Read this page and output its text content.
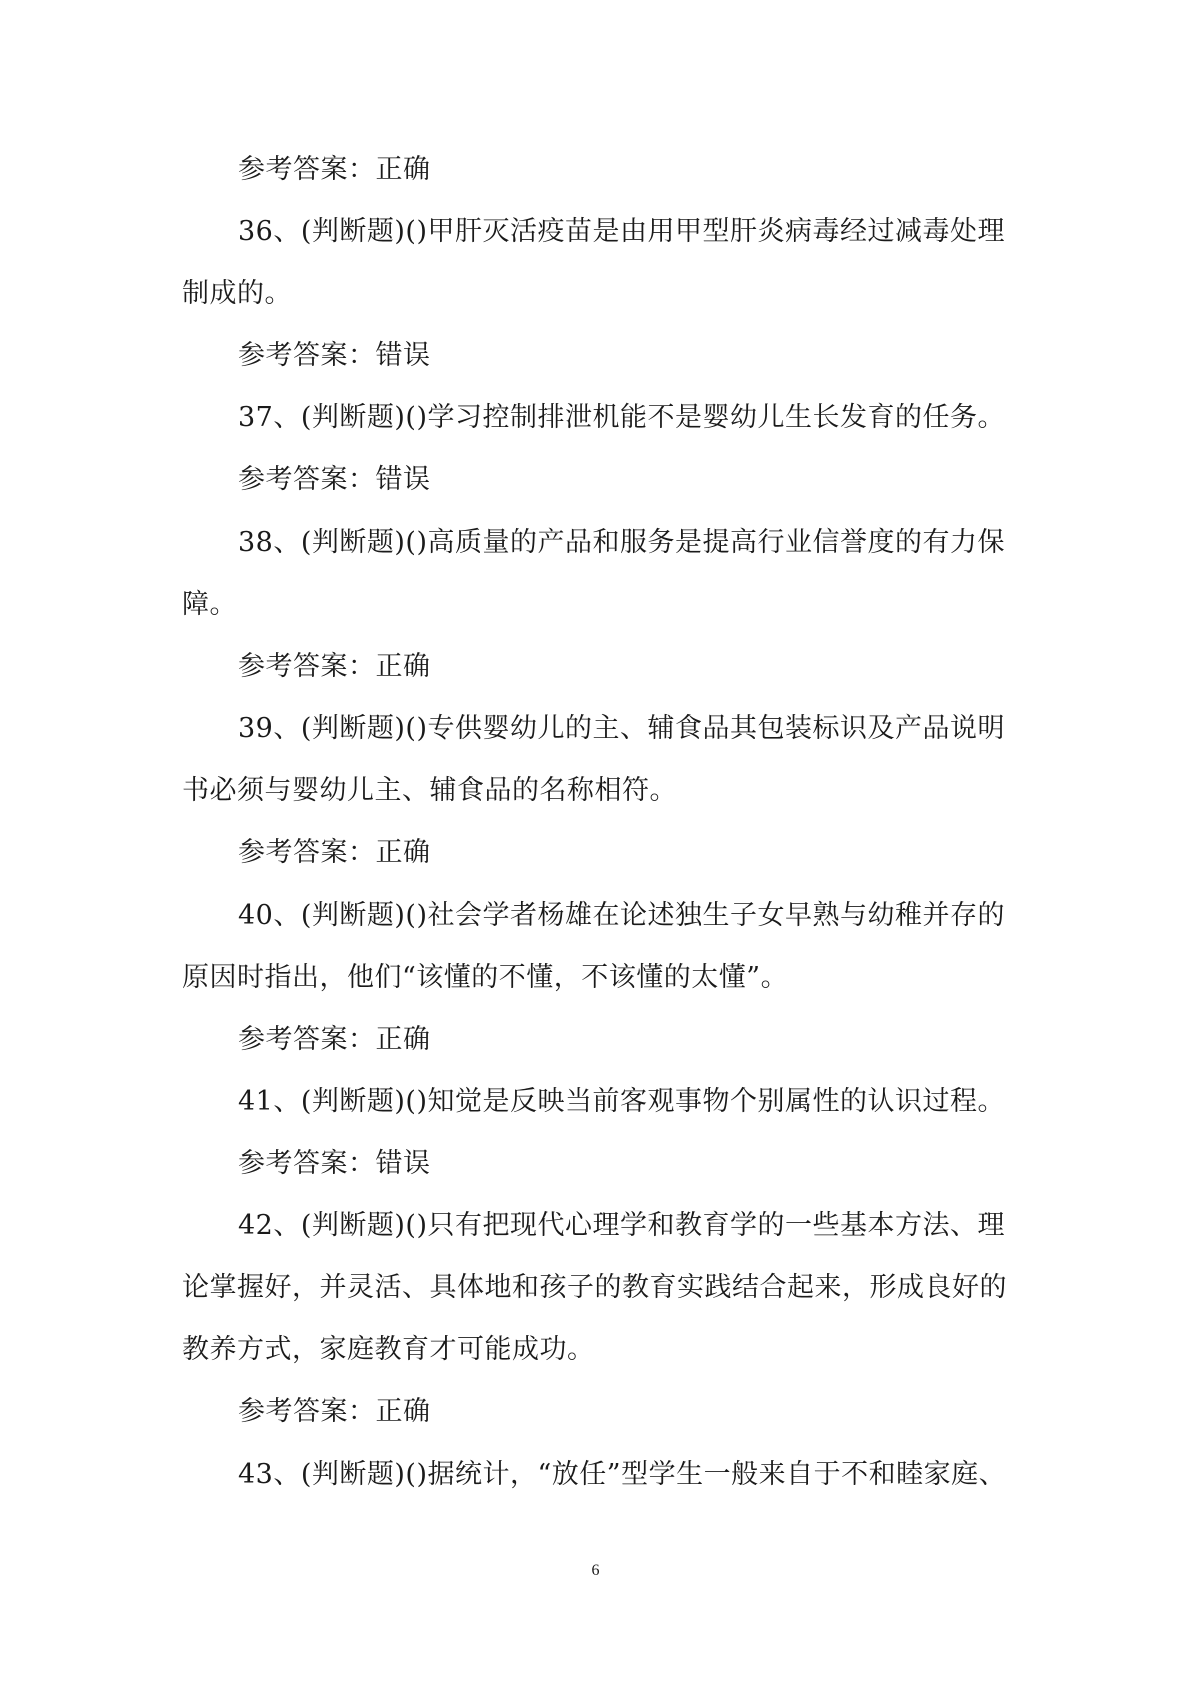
参考答案：正确
36、(判断题)()甲肝灭活疫苗是由用甲型肝炎病毒经过减毒处理
制成的。
参考答案：错误
37、(判断题)()学习控制排泄机能不是婴幼儿生长发育的任务。
参考答案：错误
38、(判断题)()高质量的产品和服务是提高行业信誉度的有力保
障。
参考答案：正确
39、(判断题)()专供婴幼儿的主、辅食品其包装标识及产品说明
书必须与婴幼儿主、辅食品的名称相符。
参考答案：正确
40、(判断题)()社会学者杨雄在论述独生子女早熟与幼稚并存的
原因时指出，他们“该懂的不懂，不该懂的太懂”。
参考答案：正确
41、(判断题)()知觉是反映当前客观事物个别属性的认识过程。
参考答案：错误
42、(判断题)()只有把现代心理学和教育学的一些基本方法、理
论掌握好，并灵活、具体地和孩子的教育实践结合起来，形成良好的
教养方式，家庭教育才可能成功。
参考答案：正确
43、(判断题)()据统计，“放任”型学生一般来自于不和睦家庭、
6
